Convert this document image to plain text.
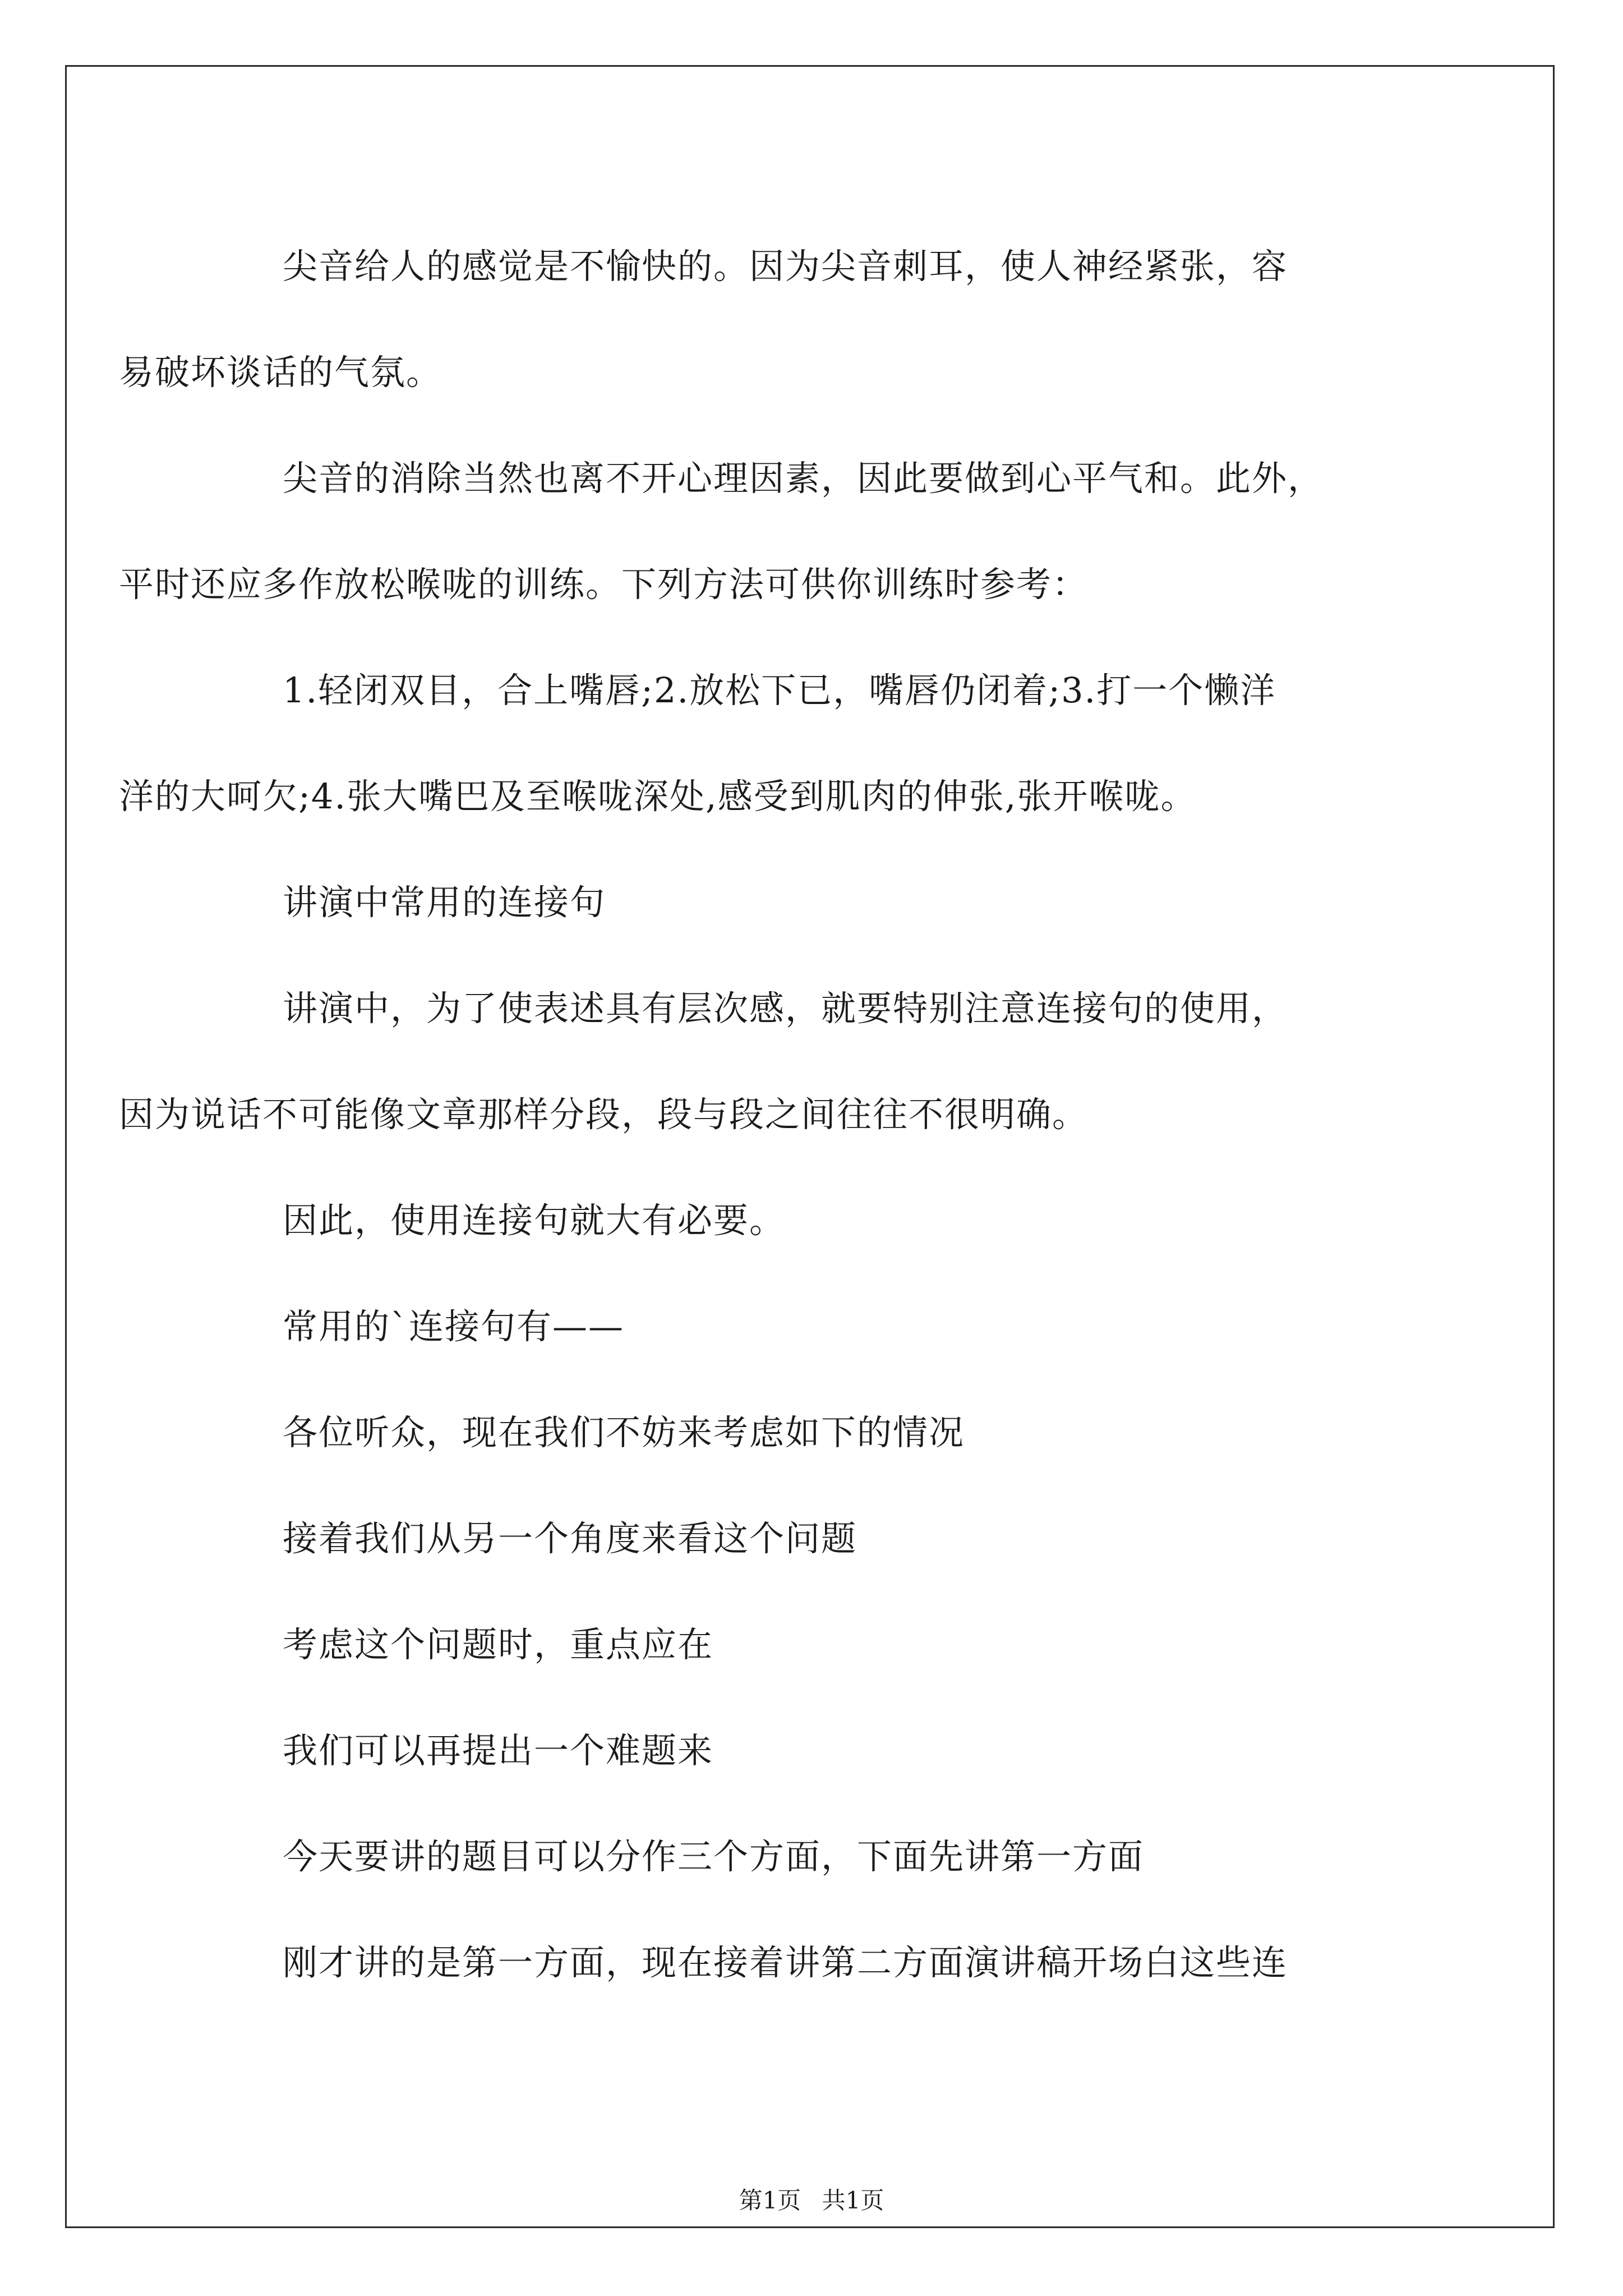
尖音给人的感觉是不愉快的。因为尖音刺耳，使人神经紧张，容
易破坏谈话的气氛。

尖音的消除当然也离不开心理因素，因此要做到心平气和。此外，
平时还应多作放松喉咙的训练。下列方法可供你训练时参考：

1.轻闭双目，合上嘴唇;2.放松下已，嘴唇仍闭着;3.打一个懒洋
洋的大呵欠;4.张大嘴巴及至喉咙深处,感受到肌肉的伸张,张开喉咙。

讲演中常用的连接句

讲演中，为了使表述具有层次感，就要特别注意连接句的使用，
因为说话不可能像文章那样分段，段与段之间往往不很明确。

因此，使用连接句就大有必要。

常用的`连接句有——

各位听众，现在我们不妨来考虑如下的情况

接着我们从另一个角度来看这个问题

考虑这个问题时，重点应在

我们可以再提出一个难题来

今天要讲的题目可以分作三个方面，下面先讲第一方面

刚才讲的是第一方面，现在接着讲第二方面演讲稿开场白这些连

第1页 共1页
